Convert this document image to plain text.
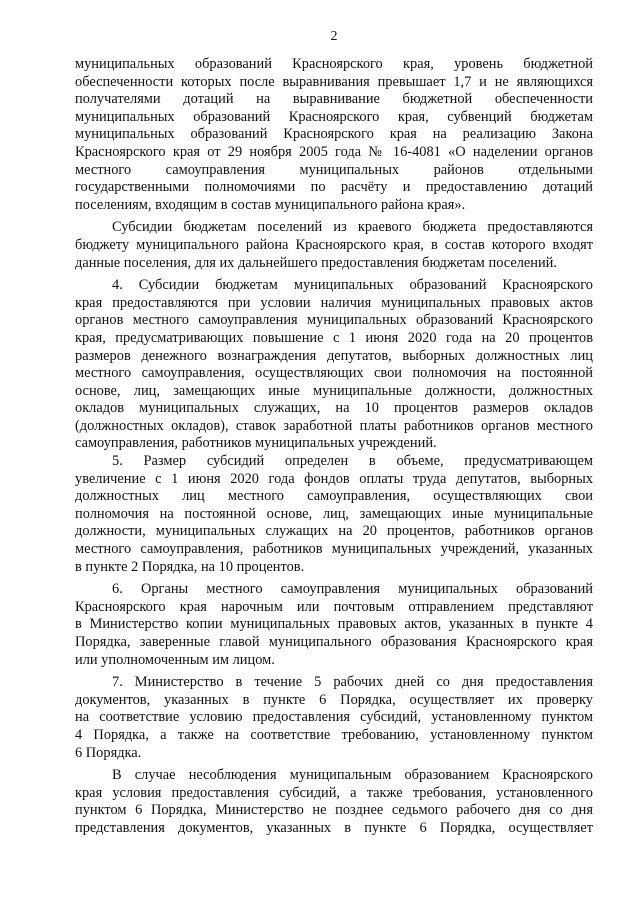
2
муниципальных образований Красноярского края, уровень бюджетной
обеспеченности которых после выравнивания превышает 1,7 и не являющихся
получателями дотаций на выравнивание бюджетной обеспеченности
муниципальных образований Красноярского края, субвенций бюджетам
муниципальных образований Красноярского края на реализацию Закона
Красноярского края от 29 ноября 2005 года № 16-4081 «О наделении органов
местного самоуправления муниципальных районов отдельными
государственными полномочиями по расчёту и предоставлению дотаций
поселениям, входящим в состав муниципального района края».
Субсидии бюджетам поселений из краевого бюджета предоставляются
бюджету муниципального района Красноярского края, в состав которого входят
данные поселения, для их дальнейшего предоставления бюджетам поселений.
4. Субсидии бюджетам муниципальных образований Красноярского
края предоставляются при условии наличия муниципальных правовых актов
органов местного самоуправления муниципальных образований Красноярского
края, предусматривающих повышение с 1 июня 2020 года на 20 процентов
размеров денежного вознаграждения депутатов, выборных должностных лиц
местного самоуправления, осуществляющих свои полномочия на постоянной
основе, лиц, замещающих иные муниципальные должности, должностных
окладов муниципальных служащих, на 10 процентов размеров окладов
(должностных окладов), ставок заработной платы работников органов местного
самоуправления, работников муниципальных учреждений.
5. Размер субсидий определен в объеме, предусматривающем
увеличение с 1 июня 2020 года фондов оплаты труда депутатов, выборных
должностных лиц местного самоуправления, осуществляющих свои
полномочия на постоянной основе, лиц, замещающих иные муниципальные
должности, муниципальных служащих на 20 процентов, работников органов
местного самоуправления, работников муниципальных учреждений, указанных
в пункте 2 Порядка, на 10 процентов.
6. Органы местного самоуправления муниципальных образований
Красноярского края нарочным или почтовым отправлением представляют
в Министерство копии муниципальных правовых актов, указанных в пункте 4
Порядка, заверенные главой муниципального образования Красноярского края
или уполномоченным им лицом.
7. Министерство в течение 5 рабочих дней со дня предоставления
документов, указанных в пункте 6 Порядка, осуществляет их проверку
на соответствие условию предоставления субсидий, установленному пунктом
4 Порядка, а также на соответствие требованию, установленному пунктом
6 Порядка.
В случае несоблюдения муниципальным образованием Красноярского
края условия предоставления субсидий, а также требования, установленного
пунктом 6 Порядка, Министерство не позднее седьмого рабочего дня со дня
представления документов, указанных в пункте 6 Порядка, осуществляет
